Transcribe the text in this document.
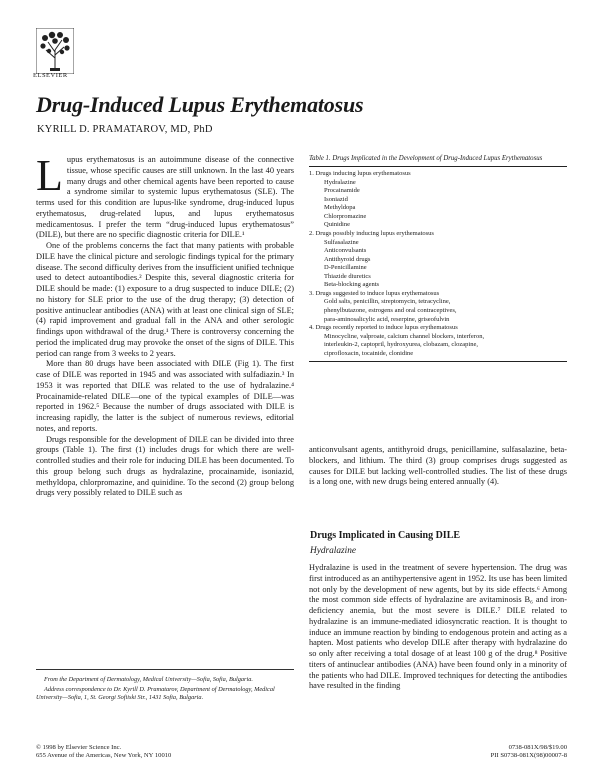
ELSEVIER
Drug-Induced Lupus Erythematosus
KYRILL D. PRAMATAROV, MD, PhD

Lupus erythematosus is an autoimmune disease of the connective tissue, whose specific causes are still unknown. In the last 40 years many drugs and other chemical agents have been reported to cause a syndrome similar to systemic lupus erythematosus (SLE). The terms used for this condition are lupus-like syndrome, drug-induced lupus erythematosus, drug-related lupus, and lupus erythematosus medicamentosus. I prefer the term “drug-induced lupus erythematosus” (DILE), but there are no specific diagnostic criteria for DILE.¹

One of the problems concerns the fact that many patients with probable DILE have the clinical picture and serologic findings typical for the primary disease. The second difficulty derives from the insufficient unified technique used to detect autoantibodies.² Despite this, several diagnostic criteria for DILE should be made: (1) exposure to a drug suspected to induce DILE; (2) no history for SLE prior to the use of the drug therapy; (3) detection of positive antinuclear antibodies (ANA) with at least one clinical sign of SLE; (4) rapid improvement and gradual fall in the ANA and other serologic findings upon withdrawal of the drug.¹ There is controversy concerning the period the implicated drug may provoke the onset of the signs of DILE. This period can range from 3 weeks to 2 years.

More than 80 drugs have been associated with DILE (Fig 1). The first case of DILE was reported in 1945 and was associated with sulfadiazin.³ In 1953 it was reported that DILE was related to the use of hydralazine.⁴ Procainamide-related DILE—one of the typical examples of DILE—was reported in 1962.⁵ Because the number of drugs associated with DILE is increasing rapidly, the latter is the subject of numerous reviews, editorial notes, and reports.

Drugs responsible for the development of DILE can be divided into three groups (Table 1). The first (1) includes drugs for which there are well-controlled studies and their role for inducing DILE has been documented. To this group belong such drugs as hydralazine, procainamide, isoniazid, methyldopa, chlorpromazine, and quinidine. To the second (2) group belong drugs very possibly related to DILE such as

Table 1. Drugs Implicated in the Development of Drug-Induced Lupus Erythematosus
1. Drugs inducing lupus erythematosus
Hydralazine
Procainamide
Isoniazid
Methyldopa
Chlorpromazine
Quinidine
2. Drugs possibly inducing lupus erythematosus
Sulfasalazine
Anticonvulsants
Antithyroid drugs
D-Penicillamine
Thiazide diuretics
Beta-blocking agents
3. Drugs suggested to induce lupus erythematosus
Gold salts, penicillin, streptomycin, tetracycline,
phenylbutazone, estrogens and oral contraceptives,
para-aminosalicylic acid, reserpine, griseofulvin
4. Drugs recently reported to induce lupus erythematosus
Minocycline, valproate, calcium channel blockers, interferon,
interleukin-2, captopril, hydroxyurea, clobazam, clozapine,
ciprofloxacin, tocainide, clonidine

anticonvulsant agents, antithyroid drugs, penicillamine, sulfasalazine, beta-blockers, and lithium. The third (3) group comprises drugs suggested as causes for DILE but lacking well-controlled studies. The list of these drugs is a long one, with new drugs being entered annually (4).

Drugs Implicated in Causing DILE
Hydralazine

Hydralazine is used in the treatment of severe hypertension. The drug was first introduced as an antihypertensive agent in 1952. Its use has been limited not only by the development of new agents, but by its side effects.⁶ Among the most common side effects of hydralazine are avitaminosis B₆ and iron-deficiency anemia, but the most severe is DILE.⁷ DILE related to hydralazine is an immune-mediated idiosyncratic reaction. It is thought to induce an immune reaction by binding to endogenous protein and acting as a hapten. Most patients who develop DILE after therapy with hydralazine do so only after receiving a total dosage of at least 100 g of the drug.⁸ Positive titers of antinuclear antibodies (ANA) have been found only in a minority of the patients who had DILE. Improved techniques for detecting the antibodies have resulted in the finding

From the Department of Dermatology, Medical University—Sofia, Sofia, Bulgaria.

Address correspondence to Dr. Kyrill D. Pramatarov, Department of Dermatology, Medical University—Sofia, 1, St. Georgi Sofiiski Str., 1431 Sofia, Bulgaria.

© 1998 by Elsevier Science Inc.
655 Avenue of the Americas, New York, NY 10010
0738-081X/98/$19.00
PII S0738-081X(98)00007-8
